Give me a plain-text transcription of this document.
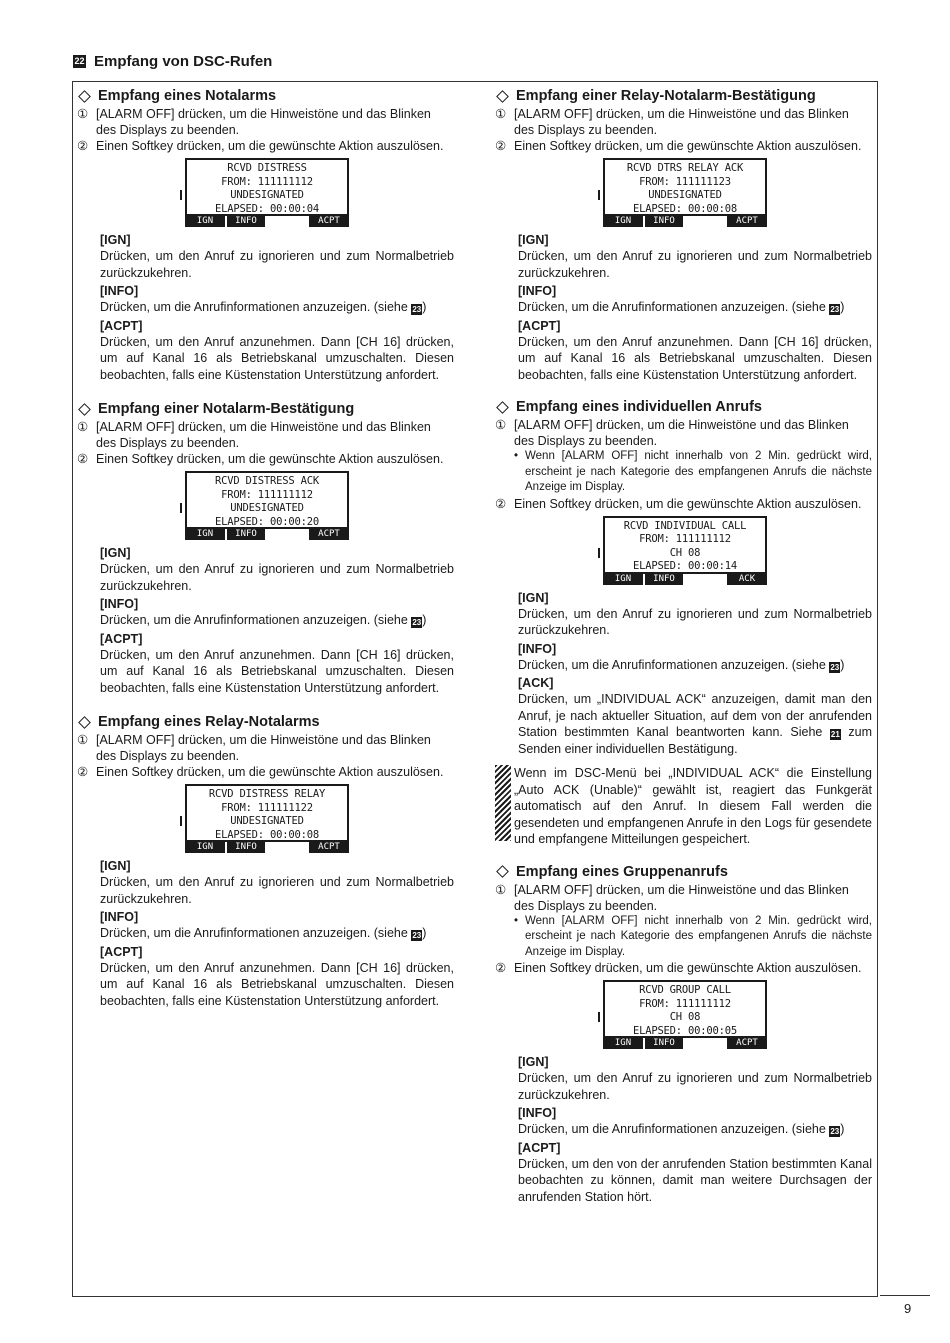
22 Empfang von DSC-Rufen
Empfang eines Notalarms
① [ALARM OFF] drücken, um die Hinweistöne und das Blinken des Displays zu beenden.
② Einen Softkey drücken, um die gewünschte Aktion auszulösen.
RCVD DISTRESS
FROM: 111111112
UNDESIGNATED
ELAPSED: 00:00:04
IGN	INFO	ACPT
[IGN]
Drücken, um den Anruf zu ignorieren und zum Normalbetrieb zurückzukehren.
[INFO]
Drücken, um die Anrufinformationen anzuzeigen. (siehe 23)
[ACPT]
Drücken, um den Anruf anzunehmen. Dann [CH 16] drücken, um auf Kanal 16 als Betriebskanal umzuschalten. Diesen beobachten, falls eine Küstenstation Unterstützung anfordert.
Empfang einer Notalarm-Bestätigung
① [ALARM OFF] drücken, um die Hinweistöne und das Blinken des Displays zu beenden.
② Einen Softkey drücken, um die gewünschte Aktion auszulösen.
RCVD DISTRESS ACK
FROM: 111111112
UNDESIGNATED
ELAPSED: 00:00:20
IGN	INFO	ACPT
[IGN]
Drücken, um den Anruf zu ignorieren und zum Normalbetrieb zurückzukehren.
[INFO]
Drücken, um die Anrufinformationen anzuzeigen. (siehe 23)
[ACPT]
Drücken, um den Anruf anzunehmen. Dann [CH 16] drücken, um auf Kanal 16 als Betriebskanal umzuschalten. Diesen beobachten, falls eine Küstenstation Unterstützung anfordert.
Empfang eines Relay-Notalarms
① [ALARM OFF] drücken, um die Hinweistöne und das Blinken des Displays zu beenden.
② Einen Softkey drücken, um die gewünschte Aktion auszulösen.
RCVD DISTRESS RELAY
FROM: 111111122
UNDESIGNATED
ELAPSED: 00:00:08
IGN	INFO	ACPT
[IGN]
Drücken, um den Anruf zu ignorieren und zum Normalbetrieb zurückzukehren.
[INFO]
Drücken, um die Anrufinformationen anzuzeigen. (siehe 23)
[ACPT]
Drücken, um den Anruf anzunehmen. Dann [CH 16] drücken, um auf Kanal 16 als Betriebskanal umzuschalten. Diesen beobachten, falls eine Küstenstation Unterstützung anfordert.
Empfang einer Relay-Notalarm-Bestätigung
① [ALARM OFF] drücken, um die Hinweistöne und das Blinken des Displays zu beenden.
② Einen Softkey drücken, um die gewünschte Aktion auszulösen.
RCVD DTRS RELAY ACK
FROM: 111111123
UNDESIGNATED
ELAPSED: 00:00:08
IGN	INFO	ACPT
[IGN]
Drücken, um den Anruf zu ignorieren und zum Normalbetrieb zurückzukehren.
[INFO]
Drücken, um die Anrufinformationen anzuzeigen. (siehe 23)
[ACPT]
Drücken, um den Anruf anzunehmen. Dann [CH 16] drücken, um auf Kanal 16 als Betriebskanal umzuschalten. Diesen beobachten, falls eine Küstenstation Unterstützung anfordert.
Empfang eines individuellen Anrufs
① [ALARM OFF] drücken, um die Hinweistöne und das Blinken des Displays zu beenden.
• Wenn [ALARM OFF] nicht innerhalb von 2 Min. gedrückt wird, erscheint je nach Kategorie des empfangenen Anrufs die nächste Anzeige im Display.
② Einen Softkey drücken, um die gewünschte Aktion auszulösen.
RCVD INDIVIDUAL CALL
FROM: 111111112
CH 08
ELAPSED: 00:00:14
IGN	INFO	ACK
[IGN]
Drücken, um den Anruf zu ignorieren und zum Normalbetrieb zurückzukehren.
[INFO]
Drücken, um die Anrufinformationen anzuzeigen. (siehe 23)
[ACK]
Drücken, um „INDIVIDUAL ACK“ anzuzeigen, damit man den Anruf, je nach aktueller Situation, auf dem von der anrufenden Station bestimmten Kanal beantworten kann. Siehe 21 zum Senden einer individuellen Bestätigung.
Wenn im DSC-Menü bei „INDIVIDUAL ACK“ die Einstellung „Auto ACK (Unable)“ gewählt ist, reagiert das Funkgerät automatisch auf den Anruf. In diesem Fall werden die gesendeten und empfangenen Anrufe in den Logs für gesendete und empfangene Mitteilungen gespeichert.
Empfang eines Gruppenanrufs
① [ALARM OFF] drücken, um die Hinweistöne und das Blinken des Displays zu beenden.
• Wenn [ALARM OFF] nicht innerhalb von 2 Min. gedrückt wird, erscheint je nach Kategorie des empfangenen Anrufs die nächste Anzeige im Display.
② Einen Softkey drücken, um die gewünschte Aktion auszulösen.
RCVD GROUP CALL
FROM: 111111112
CH 08
ELAPSED: 00:00:05
IGN	INFO	ACPT
[IGN]
Drücken, um den Anruf zu ignorieren und zum Normalbetrieb zurückzukehren.
[INFO]
Drücken, um die Anrufinformationen anzuzeigen. (siehe 23)
[ACPT]
Drücken, um den von der anrufenden Station bestimmten Kanal beobachten zu können, damit man weitere Durchsagen der anrufenden Station hört.
9
